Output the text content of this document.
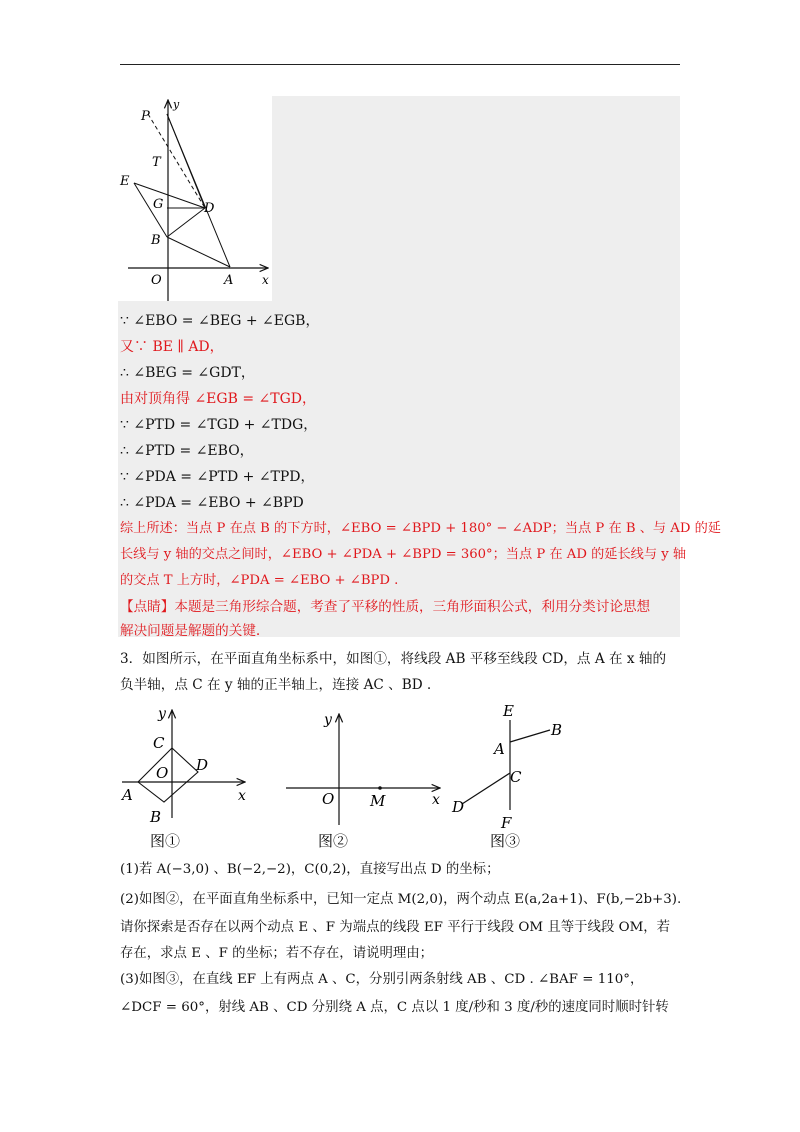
P
y
T
E
G	D
B
O	A x
∵ ∠EBO = ∠BEG + ∠EGB，
又∵ BE ∥ AD，
∴ ∠BEG = ∠GDT，
由对顶角得 ∠EGB = ∠TGD，
∵ ∠PTD = ∠TGD + ∠TDG，
∴ ∠PTD = ∠EBO，
∵ ∠PDA = ∠PTD + ∠TPD，
∴ ∠PDA = ∠EBO + ∠BPD
综上所述：当点 P 在点 B 的下方时，∠EBO = ∠BPD + 180° − ∠ADP；当点 P 在 B 、与 AD 的延
长线与 y 轴的交点之间时，∠EBO + ∠PDA + ∠BPD = 360°；当点 P 在 AD 的延长线与 y 轴
的交点 T 上方时，∠PDA = ∠EBO + ∠BPD .
【点睛】本题是三角形综合题，考查了平移的性质，三角形面积公式，利用分类讨论思想
解决问题是解题的关键.
3．如图所示，在平面直角坐标系中，如图①，将线段 AB 平移至线段 CD，点 A 在 x 轴的
负半轴，点 C 在 y 轴的正半轴上，连接 AC 、BD .
y
C
D
O
A	x
B
图①
y
O M	x
图②
E
B
A
C
D
F
图③
(1)若 A(−3,0) 、B(−2,−2)，C(0,2)，直接写出点 D 的坐标；
(2)如图②，在平面直角坐标系中，已知一定点 M(2,0)，两个动点 E(a,2a+1)、F(b,−2b+3).
请你探索是否存在以两个动点 E 、F 为端点的线段 EF 平行于线段 OM 且等于线段 OM，若
存在，求点 E 、F 的坐标；若不存在，请说明理由；
(3)如图③，在直线 EF 上有两点 A 、C，分别引两条射线 AB 、CD . ∠BAF = 110°，
∠DCF = 60°，射线 AB 、CD 分别绕 A 点，C 点以 1 度/秒和 3 度/秒的速度同时顺时针转
